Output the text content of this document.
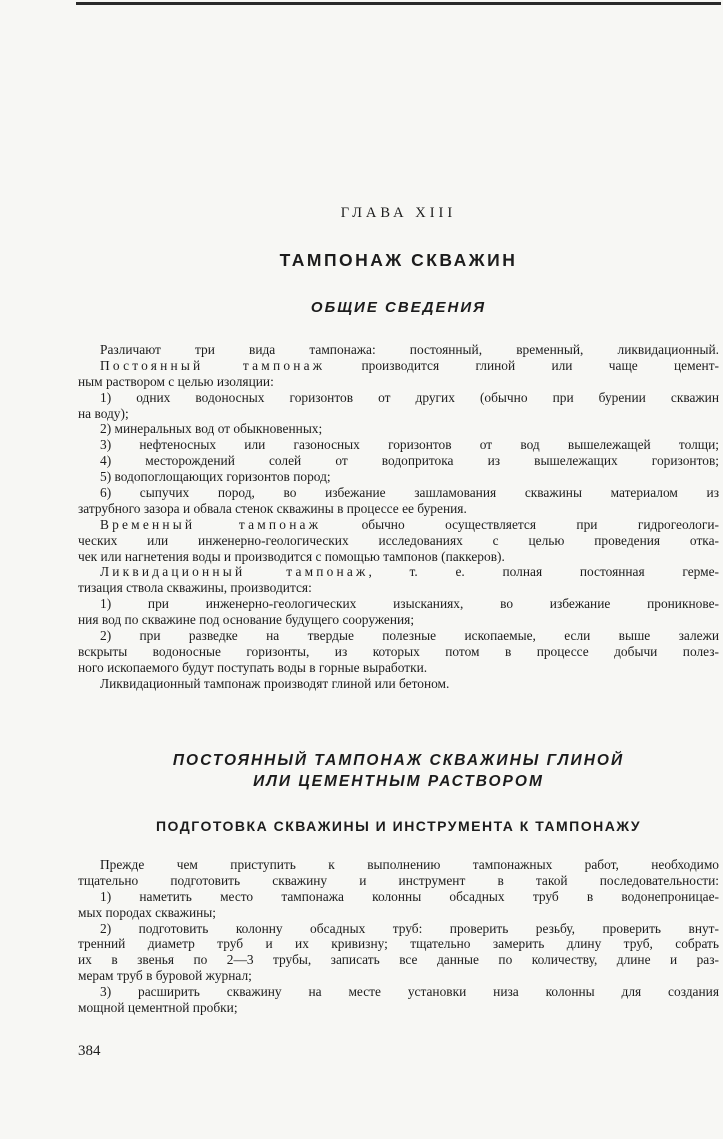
ГЛАВА XIII
ТАМПОНАЖ СКВАЖИН
ОБЩИЕ СВЕДЕНИЯ
Различают три вида тампонажа: постоянный, временный, ликвидационный.
Постоянный тампонаж производится глиной или чаще цемент-
ным раствором с целью изоляции:
1) одних водоносных горизонтов от других (обычно при бурении скважин
на воду);
2) минеральных вод от обыкновенных;
3) нефтеносных или газоносных горизонтов от вод вышележащей толщи;
4) месторождений солей от водопритока из вышележащих горизонтов;
5) водопоглощающих горизонтов пород;
6) сыпучих пород, во избежание зашламования скважины материалом из
затрубного зазора и обвала стенок скважины в процессе ее бурения.
Временный тампонаж обычно осуществляется при гидрогеологи-
ческих или инженерно-геологических исследованиях с целью проведения отка-
чек или нагнетения воды и производится с помощью тампонов (паккеров).
Ликвидационный тампонаж, т. е. полная постоянная герме-
тизация ствола скважины, производится:
1) при инженерно-геологических изысканиях, во избежание проникнове-
ния вод по скважине под основание будущего сооружения;
2) при разведке на твердые полезные ископаемые, если выше залежи
вскрыты водоносные горизонты, из которых потом в процессе добычи полез-
ного ископаемого будут поступать воды в горные выработки.
Ликвидационный тампонаж производят глиной или бетоном.
ПОСТОЯННЫЙ ТАМПОНАЖ СКВАЖИНЫ ГЛИНОЙ
ИЛИ ЦЕМЕНТНЫМ РАСТВОРОМ
ПОДГОТОВКА СКВАЖИНЫ И ИНСТРУМЕНТА К ТАМПОНАЖУ
Прежде чем приступить к выполнению тампонажных работ, необходимо
тщательно подготовить скважину и инструмент в такой последовательности:
1) наметить место тампонажа колонны обсадных труб в водонепроницае-
мых породах скважины;
2) подготовить колонну обсадных труб: проверить резьбу, проверить внут-
тренний диаметр труб и их кривизну; тщательно замерить длину труб, собрать
их в звенья по 2—3 трубы, записать все данные по количеству, длине и раз-
мерам труб в буровой журнал;
3) расширить скважину на месте установки низа колонны для создания
мощной цементной пробки;
384
